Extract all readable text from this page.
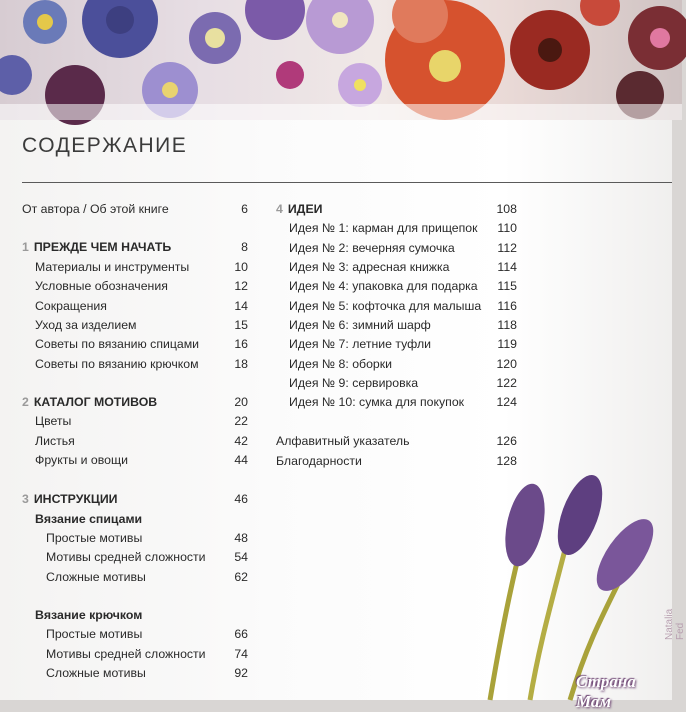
СОДЕРЖАНИЕ
От автора / Об этой книге	6
1 ПРЕЖДЕ ЧЕМ НАЧАТЬ	8
Материалы и инструменты	10
Условные обозначения	12
Сокращения	14
Уход за изделием	15
Советы по вязанию спицами	16
Советы по вязанию крючком	18
2 КАТАЛОГ МОТИВОВ	20
Цветы	22
Листья	42
Фрукты и овощи	44
3 ИНСТРУКЦИИ	46
Вязание спицами
Простые мотивы	48
Мотивы средней сложности 54
Сложные мотивы	62
Вязание крючком
Простые мотивы	66
Мотивы средней сложности 74
Сложные мотивы	92
4 ИДЕИ	108
Идея № 1: карман для прищепок 110
Идея № 2: вечерняя сумочка	112
Идея № 3: адресная книжка	114
Идея № 4: упаковка для подарка 115
Идея № 5: кофточка для малыша 116
Идея № 6: зимний шарф	118
Идея № 7: летние туфли	119
Идея № 8: оборки	120
Идея № 9: сервировка	122
Идея № 10: сумка для покупок	124
Алфавитный указатель	126
Благодарности	128
Страна Мам
Natalia Fed
